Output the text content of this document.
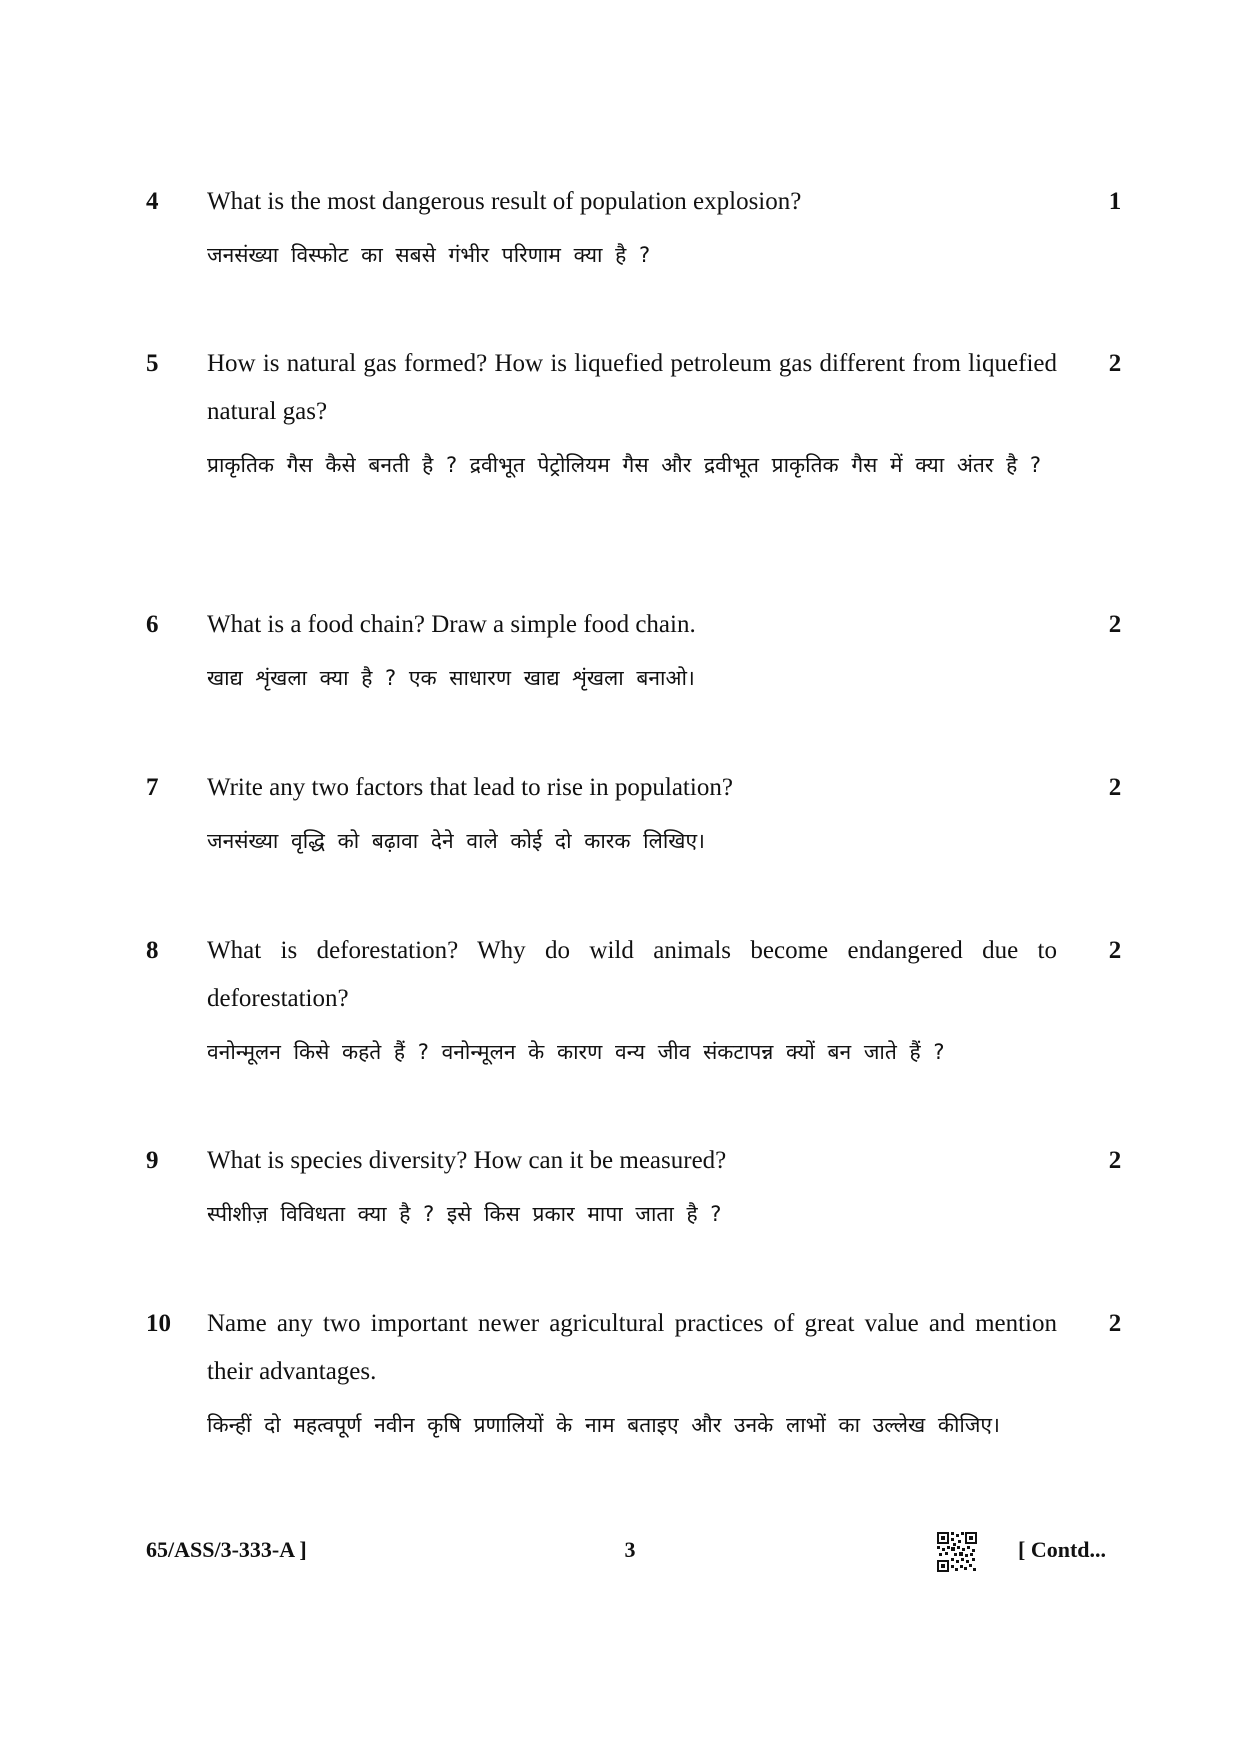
4 What is the most dangerous result of population explosion?
जनसंख्या विस्फोट का सबसे गंभीर परिणाम क्या है ?
1
5 How is natural gas formed? How is liquefied petroleum gas different from liquefied natural gas?
प्राकृतिक गैस कैसे बनती है ? द्रवीभूत पेट्रोलियम गैस और द्रवीभूत प्राकृतिक गैस में क्या अंतर है ?
2
6 What is a food chain? Draw a simple food chain.
खाद्य शृंखला क्या है ? एक साधारण खाद्य शृंखला बनाओ।
2
7 Write any two factors that lead to rise in population?
जनसंख्या वृद्धि को बढ़ावा देने वाले कोई दो कारक लिखिए।
2
8 What is deforestation? Why do wild animals become endangered due to deforestation?
वनोन्मूलन किसे कहते हैं ? वनोन्मूलन के कारण वन्य जीव संकटापन्न क्यों बन जाते हैं ?
2
9 What is species diversity? How can it be measured?
स्पीशीज़ विविधता क्या है ? इसे किस प्रकार मापा जाता है ?
2
10 Name any two important newer agricultural practices of great value and mention their advantages.
किन्हीं दो महत्वपूर्ण नवीन कृषि प्रणालियों के नाम बताइए और उनके लाभों का उल्लेख कीजिए।
2
65/ASS/3-333-A ]	3	[ Contd...
